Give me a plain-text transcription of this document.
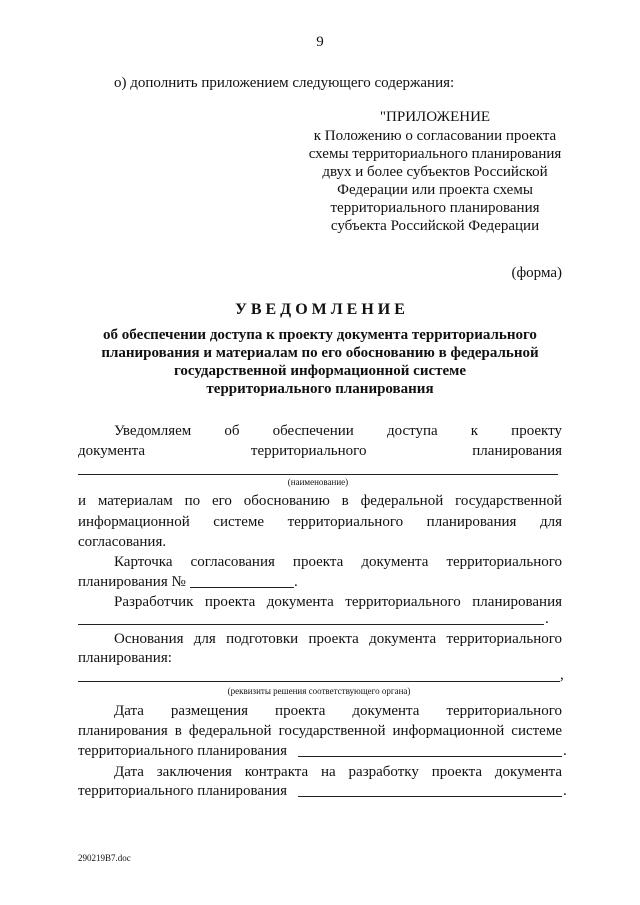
9
о) дополнить приложением следующего содержания:
"ПРИЛОЖЕНИЕ
к Положению о согласовании проекта
схемы территориального планирования
двух и более субъектов Российской
Федерации или проекта схемы
территориального планирования
субъекта Российской Федерации
(форма)
У В Е Д О М Л Е Н И Е
об обеспечении доступа к проекту документа территориального
планирования и материалам по его обоснованию в федеральной
государственной информационной системе
территориального планирования
Уведомляем об обеспечении доступа к проекту
документа территориального планирования
(наименование)
и материалам по его обоснованию в федеральной государственной
информационной системе территориального планирования для
согласования.
Карточка согласования проекта документа территориального
планирования №	.
Разработчик проекта документа территориального планирования
.
Основания для подготовки проекта документа территориального
планирования:
,
(реквизиты решения соответствующего органа)
Дата размещения проекта документа территориального
планирования в федеральной государственной информационной системе
территориального планирования	.
Дата заключения контракта на разработку проекта документа
территориального планирования	.
290219В7.doc
